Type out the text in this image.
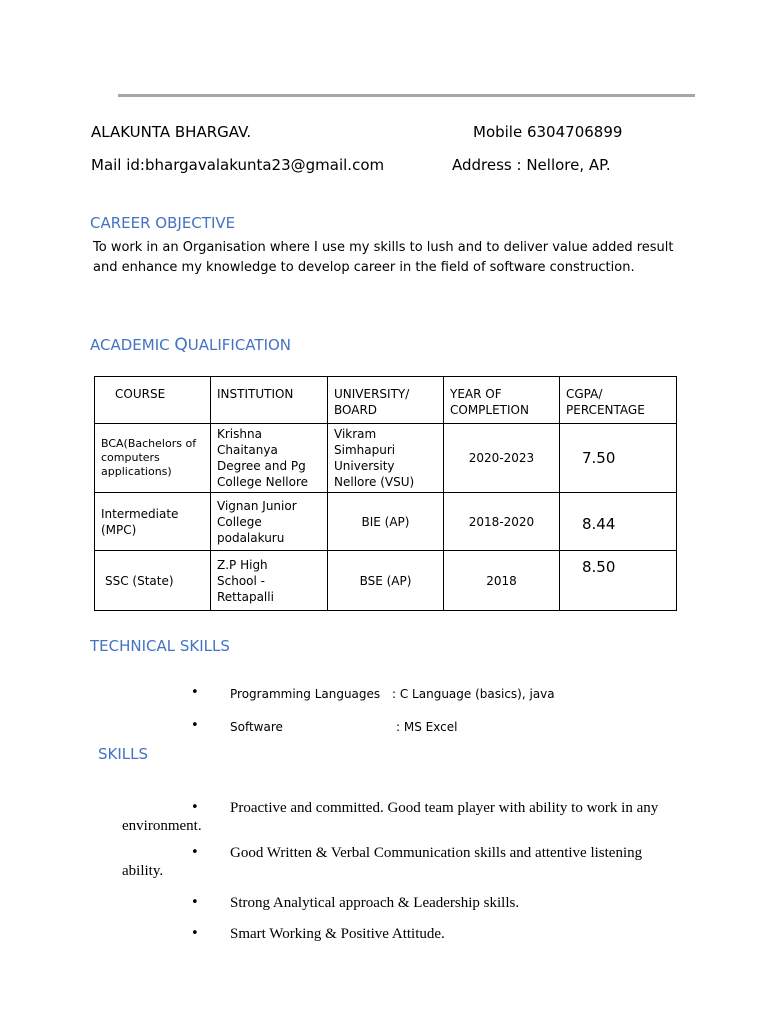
ALAKUNTA BHARGAV.	Mobile 6304706899
Mail id:bhargavalakunta23@gmail.com	Address : Nellore, AP.
CAREER OBJECTIVE
To work in an Organisation where I use my skills to lush and to deliver value added result
and enhance my knowledge to develop career in the field of software construction.
ACADEMIC QUALIFICATION
COURSE	INSTITUTION	UNIVERSITY/ BOARD	YEAR OF COMPLETION	CGPA/ PERCENTAGE
BCA(Bachelors of computers applications)	Krishna Chaitanya Degree and Pg College Nellore	Vikram Simhapuri University Nellore (VSU)	2020-2023	7.50
Intermediate (MPC)	Vignan Junior College podalakuru	BIE (AP)	2018-2020	8.44
SSC (State)	Z.P High School - Rettapalli	BSE (AP)	2018	8.50
TECHNICAL SKILLS
•	Programming Languages : C Language (basics), java
•	Software	: MS Excel
SKILLS
• Proactive and committed. Good team player with ability to work in any
environment.
• Good Written & Verbal Communication skills and attentive listening
ability.
• Strong Analytical approach & Leadership skills.
• Smart Working & Positive Attitude.
